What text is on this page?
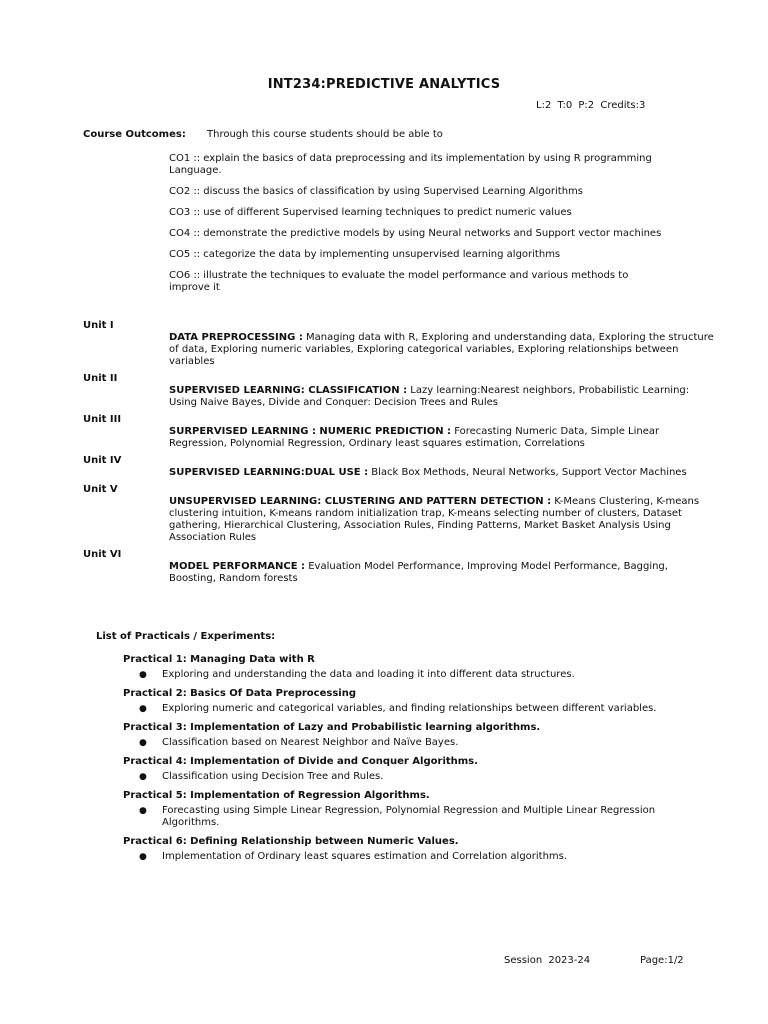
INT234:PREDICTIVE ANALYTICS
L:2 T:0 P:2 Credits:3
Course Outcomes: Through this course students should be able to
CO1 :: explain the basics of data preprocessing and its implementation by using R programming Language.
CO2 :: discuss the basics of classification by using Supervised Learning Algorithms
CO3 :: use of different Supervised learning techniques to predict numeric values
CO4 :: demonstrate the predictive models by using Neural networks and Support vector machines
CO5 :: categorize the data by implementing unsupervised learning algorithms
CO6 :: illustrate the techniques to evaluate the model performance and various methods to improve it
Unit I
DATA PREPROCESSING : Managing data with R, Exploring and understanding data, Exploring the structure of data, Exploring numeric variables, Exploring categorical variables, Exploring relationships between variables
Unit II
SUPERVISED LEARNING: CLASSIFICATION : Lazy learning:Nearest neighbors, Probabilistic Learning: Using Naive Bayes, Divide and Conquer: Decision Trees and Rules
Unit III
SURPERVISED LEARNING : NUMERIC PREDICTION : Forecasting Numeric Data, Simple Linear Regression, Polynomial Regression, Ordinary least squares estimation, Correlations
Unit IV
SUPERVISED LEARNING:DUAL USE : Black Box Methods, Neural Networks, Support Vector Machines
Unit V
UNSUPERVISED LEARNING: CLUSTERING AND PATTERN DETECTION : K-Means Clustering, K-means clustering intuition, K-means random initialization trap, K-means selecting number of clusters, Dataset gathering, Hierarchical Clustering, Association Rules, Finding Patterns, Market Basket Analysis Using Association Rules
Unit VI
MODEL PERFORMANCE : Evaluation Model Performance, Improving Model Performance, Bagging, Boosting, Random forests
List of Practicals / Experiments:
Practical 1: Managing Data with R
● Exploring and understanding the data and loading it into different data structures.
Practical 2: Basics Of Data Preprocessing
● Exploring numeric and categorical variables, and finding relationships between different variables.
Practical 3: Implementation of Lazy and Probabilistic learning algorithms.
● Classification based on Nearest Neighbor and Naïve Bayes.
Practical 4: Implementation of Divide and Conquer Algorithms.
● Classification using Decision Tree and Rules.
Practical 5: Implementation of Regression Algorithms.
● Forecasting using Simple Linear Regression, Polynomial Regression and Multiple Linear Regression Algorithms.
Practical 6: Defining Relationship between Numeric Values.
● Implementation of Ordinary least squares estimation and Correlation algorithms.
Session 2023-24	Page:1/2
